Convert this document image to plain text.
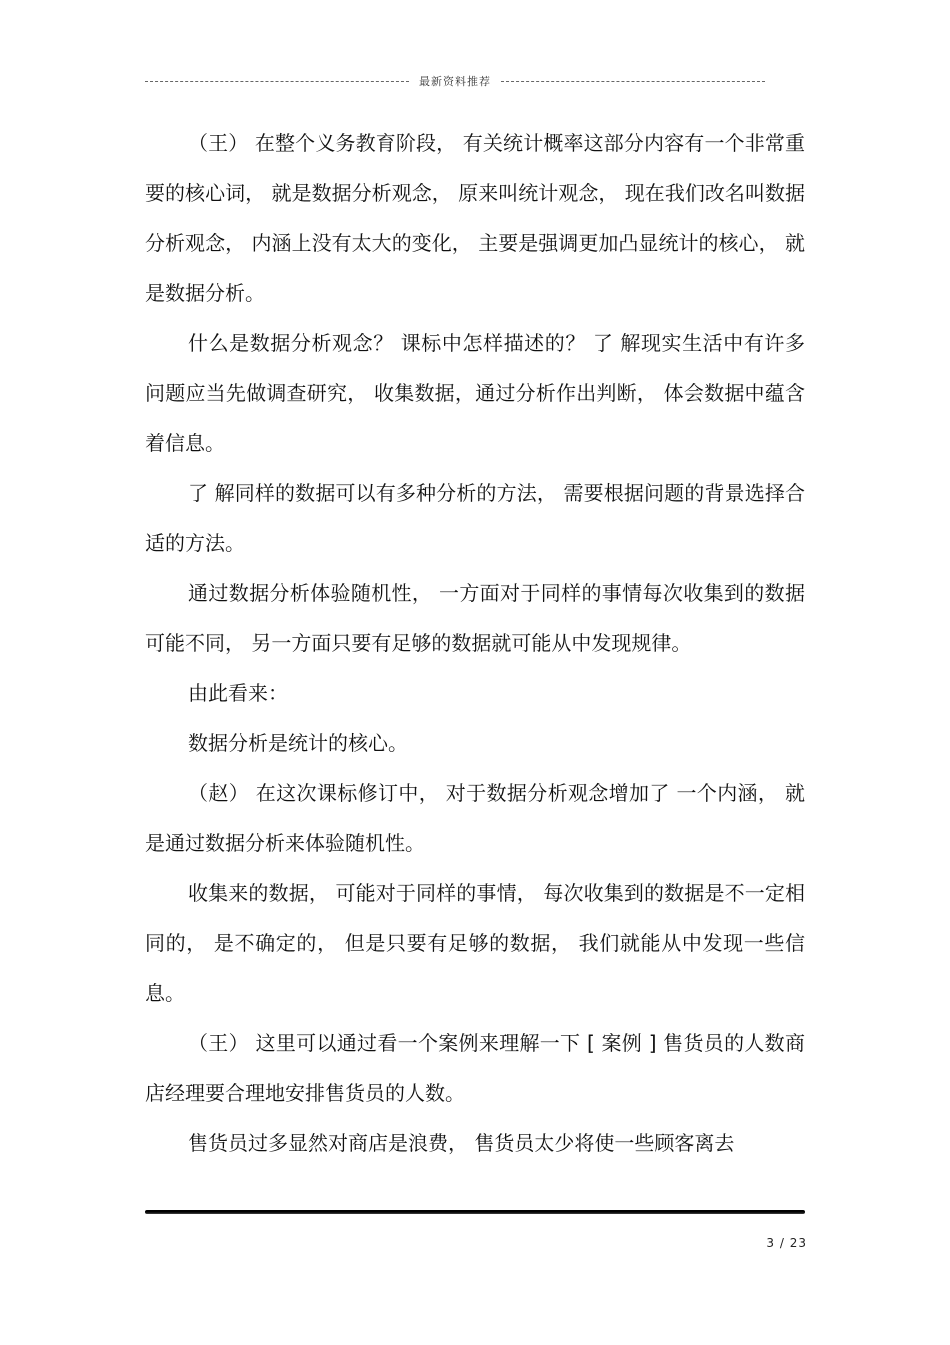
最新资料推荐

（王） 在整个义务教育阶段， 有关统计概率这部分内容有一个非常重要的核心词， 就是数据分析观念， 原来叫统计观念， 现在我们改名叫数据分析观念， 内涵上没有太大的变化， 主要是强调更加凸显统计的核心， 就是数据分析。

什么是数据分析观念？ 课标中怎样描述的？ 了 解现实生活中有许多问题应当先做调查研究， 收集数据，通过分析作出判断， 体会数据中蕴含着信息。

了 解同样的数据可以有多种分析的方法， 需要根据问题的背景选择合适的方法。

通过数据分析体验随机性， 一方面对于同样的事情每次收集到的数据可能不同， 另一方面只要有足够的数据就可能从中发现规律。

由此看来：

数据分析是统计的核心。

（赵） 在这次课标修订中， 对于数据分析观念增加了 一个内涵， 就是通过数据分析来体验随机性。

收集来的数据， 可能对于同样的事情， 每次收集到的数据是不一定相同的， 是不确定的， 但是只要有足够的数据， 我们就能从中发现一些信息。

（王） 这里可以通过看一个案例来理解一下 [ 案例 ] 售货员的人数商店经理要合理地安排售货员的人数。

售货员过多显然对商店是浪费， 售货员太少将使一些顾客离去

3 / 23
